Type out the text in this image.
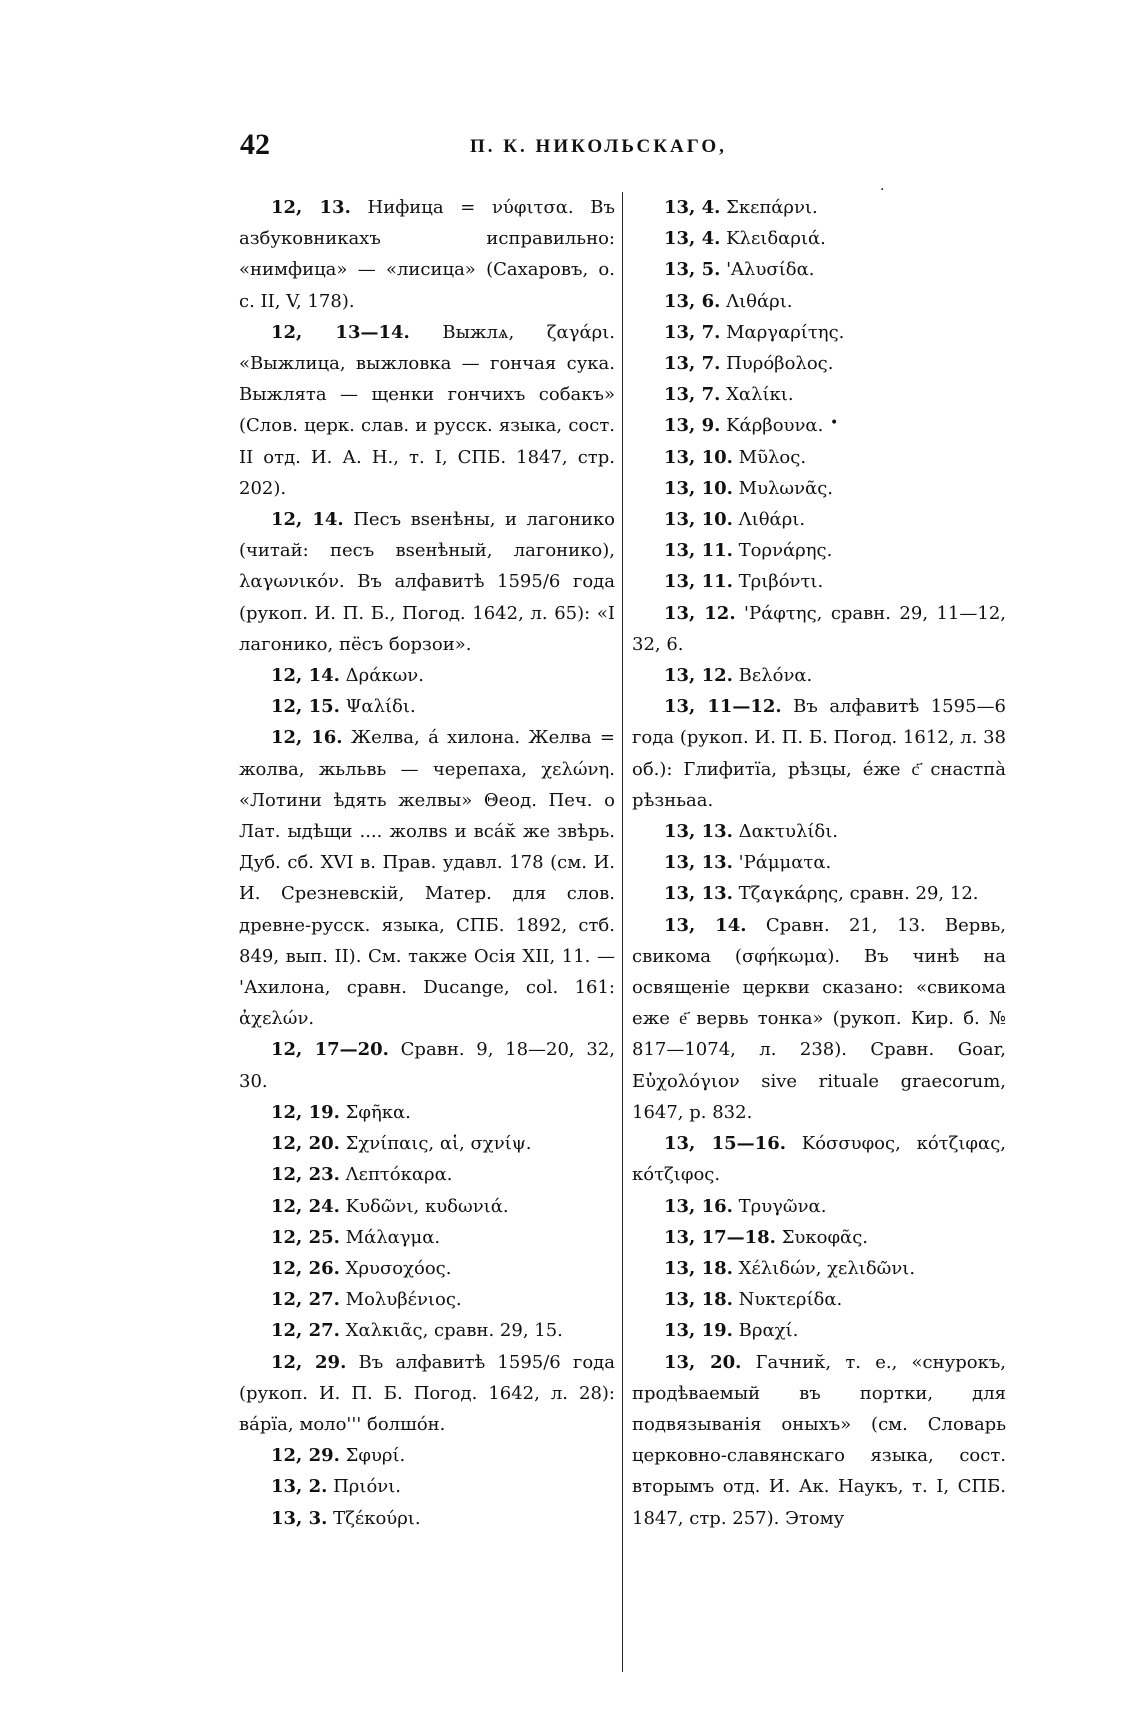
42	П. К. НИКОЛЬСКАГО,

12, 13. Нифица = νύφιτσα. Въ азбуковникахъ исправильно: «нимфица» — «лисица» (Сахаровъ, о. с. II, V, 178).

12, 13—14. Выжлѧ, ζαγάρι. «Выжлица, выжловка — гончая сука. Выжлята — щенки гончихъ собакъ» (Слов. церк. слав. и русск. языка, сост. II отд. И. А. Н., т. I, СПБ. 1847, стр. 202).

12, 14. Песъ вѕенѣны, и лагонико (читай: песъ вѕенѣный, лагонико), λαγωνικόν. Въ алфавитѣ 1595/6 года (рукоп. И. П. Б., Погод. 1642, л. 65): «І лагонико, пёсъ борзои».

12, 14. Δράκων.

12, 15. Ψαλίδι.

12, 16. Желва, а́ хилона. Желва = жолва, жьльвь — черепаха, χελώνη. «Лотини ѣдять желвы» Θеод. Печ. о Лат. ыдѣщи .... жолвѕ и вса́к̆ же звѣрь. Дуб. сб. XVI в. Прав. удавл. 178 (см. И. И. Срезневскій, Матер. для слов. древне-русск. языка, СПБ. 1892, стб. 849, вып. II). См. также Осія XII, 11. — 'Ахилона, сравн. Ducange, col. 161: ἀχελών.

12, 17—20. Сравн. 9, 18—20, 32, 30.

12, 19. Σφῆκα.

12, 20. Σχνίπαις, αἱ, σχνίψ.

12, 23. Λεπτόκαρα.

12, 24. Κυδῶνι, κυδωνιά.

12, 25. Μάλαγμα.

12, 26. Χρυσοχόος.

12, 27. Μολυβένιος.

12, 27. Χαλκιᾶς, сравн. 29, 15.

12, 29. Въ алфавитѣ 1595/6 года (рукоп. И. П. Б. Погод. 1642, л. 28): ва́рїа, моло''' болшо́н.

12, 29. Σφυρί.

13, 2. Πριόνι.

13, 3. Τζέκούρι.

13, 4. Σκεπάρνι.

13, 4. Κλειδαριά.

13, 5. 'Αλυσίδα.

13, 6. Λιθάρι.

13, 7. Μαργαρίτης.

13, 7. Πυρόβολος.

13, 7. Χαλίκι.

13, 9. Κάρβουνα.

13, 10. Μῦλος.

13, 10. Μυλωνᾶς.

13, 10. Λιθάρι.

13, 11. Τορνάρης.

13, 11. Τριβόντι.

13, 12. 'Ράφτης, сравн. 29, 11—12, 32, 6.

13, 12. Βελόνα.

13, 11—12. Въ алфавитѣ 1595—6 года (рукоп. И. П. Б. Погод. 1612, л. 38 об.): Глифитїа, рѣзцы, е́же с҃ снастпа̀ рѣзньаа.

13, 13. Δακτυλίδι.

13, 13. 'Ράμματα.

13, 13. Τζαγκάρης, сравн. 29, 12.

13, 14. Сравн. 21, 13. Вервь, свикома (σφήκωμα). Въ чинѣ на освященіе церкви сказано: «свикома еже е҃ вервь тонка» (рукоп. Кир. б. № 817—1074, л. 238). Сравн. Goar, Εὐχολόγιον sive rituale graecorum, 1647, p. 832.

13, 15—16. Κόσσυφος, κότζιφας, κότζιφος.

13, 16. Τρυγῶνα.

13, 17—18. Συκοφᾶς.

13, 18. Χέλιδών, χελιδῶνι.

13, 18. Νυκτερίδα.

13, 19. Βραχί.

13, 20. Гачник̆, т. е., «снурокъ, продѣваемый въ портки, для подвязыванія оныхъ» (см. Словарь церковно-славянскаго языка, сост. вторымъ отд. И. Ак. Наукъ, т. I, СПБ. 1847, стр. 257). Этому

·
•
